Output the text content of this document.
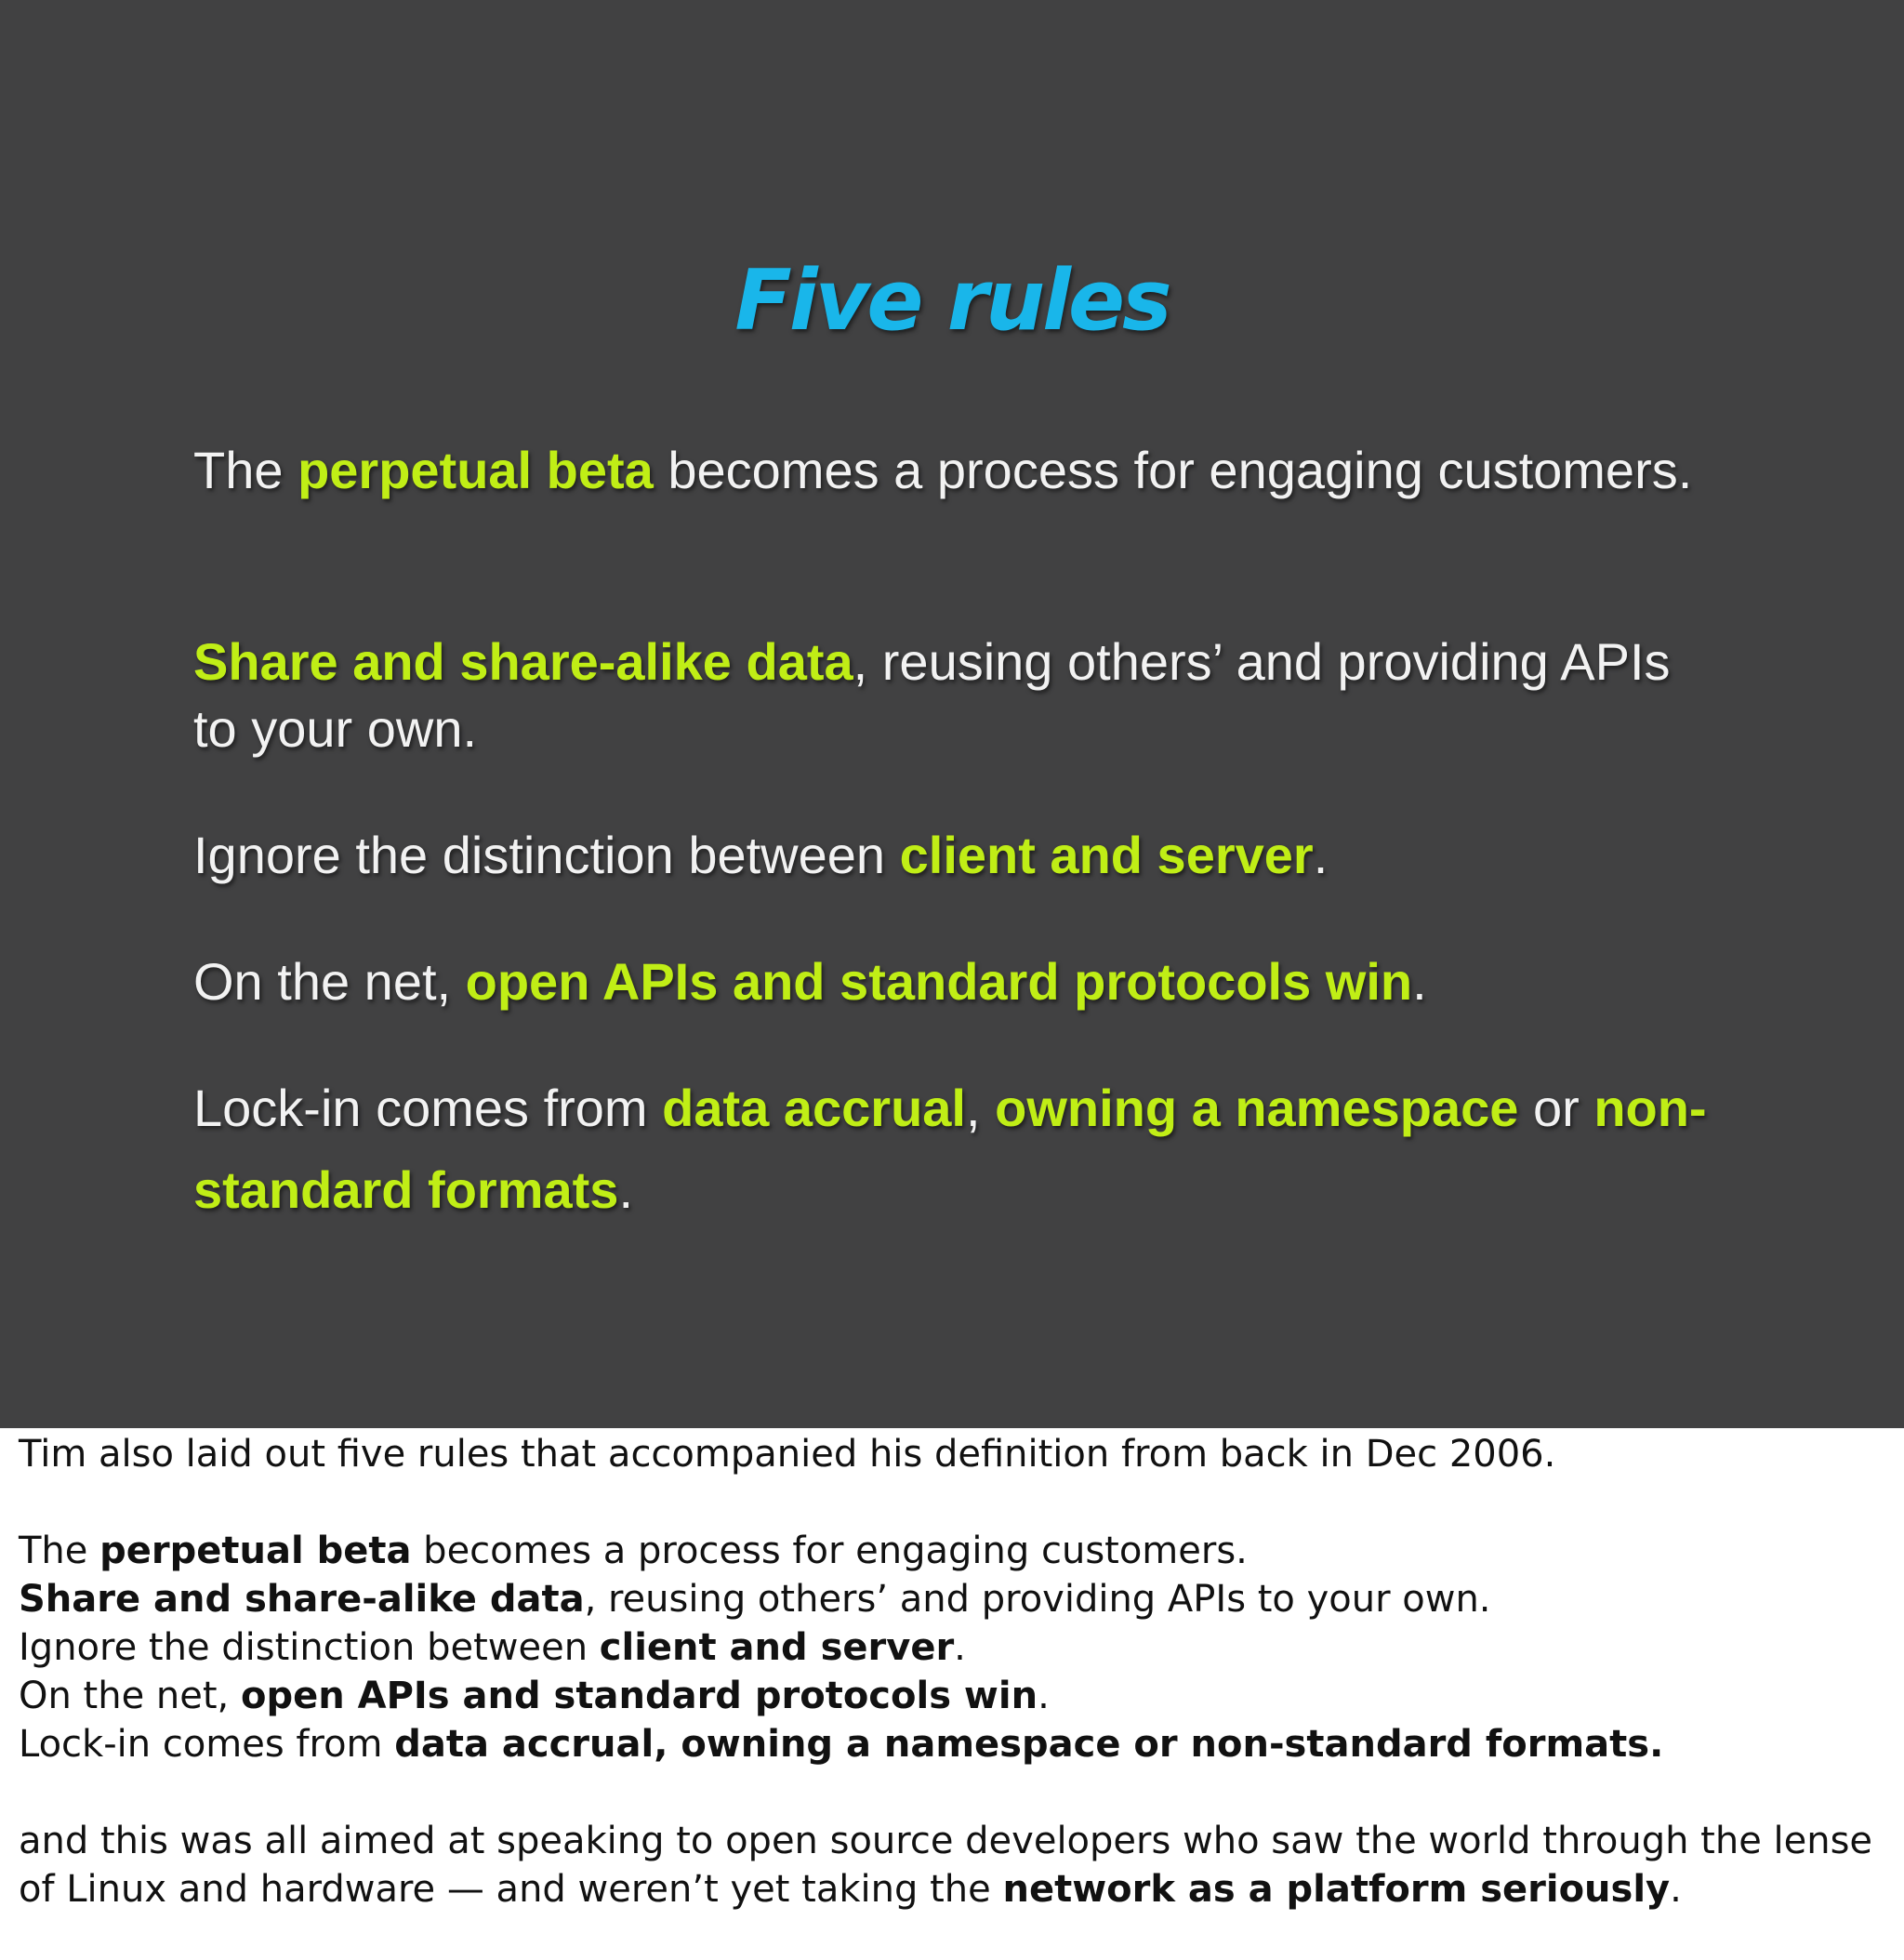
Five rules

The perpetual beta becomes a process for engaging customers.

Share and share-alike data, reusing others’ and providing APIs to your own.

Ignore the distinction between client and server.

On the net, open APIs and standard protocols win.

Lock-in comes from data accrual, owning a namespace or non-standard formats.

Tim also laid out five rules that accompanied his definition from back in Dec 2006.

The perpetual beta becomes a process for engaging customers.

Share and share-alike data, reusing others’ and providing APIs to your own.

Ignore the distinction between client and server.

On the net, open APIs and standard protocols win.

Lock-in comes from data accrual, owning a namespace or non-standard formats.

and this was all aimed at speaking to open source developers who saw the world through the lense of Linux and hardware — and weren’t yet taking the network as a platform seriously.
